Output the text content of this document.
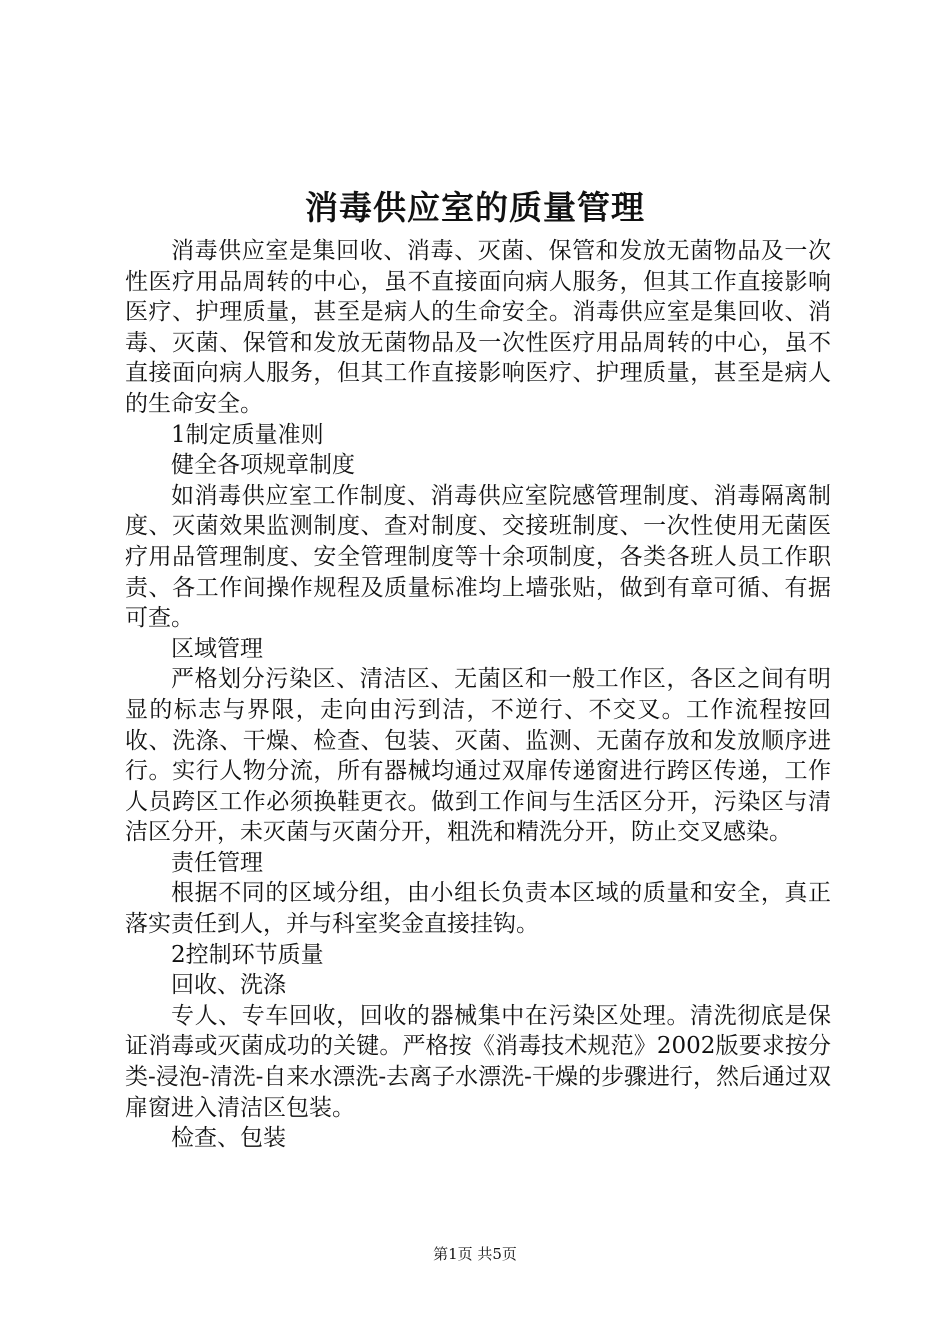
消毒供应室的质量管理

消毒供应室是集回收、消毒、灭菌、保管和发放无菌物品及一次性医疗用品周转的中心，虽不直接面向病人服务，但其工作直接影响医疗、护理质量，甚至是病人的生命安全。消毒供应室是集回收、消毒、灭菌、保管和发放无菌物品及一次性医疗用品周转的中心，虽不直接面向病人服务，但其工作直接影响医疗、护理质量，甚至是病人的生命安全。

1制定质量准则

健全各项规章制度

如消毒供应室工作制度、消毒供应室院感管理制度、消毒隔离制度、灭菌效果监测制度、查对制度、交接班制度、一次性使用无菌医疗用品管理制度、安全管理制度等十余项制度，各类各班人员工作职责、各工作间操作规程及质量标准均上墙张贴，做到有章可循、有据可查。

区域管理

严格划分污染区、清洁区、无菌区和一般工作区，各区之间有明显的标志与界限，走向由污到洁，不逆行、不交叉。工作流程按回收、洗涤、干燥、检查、包装、灭菌、监测、无菌存放和发放顺序进行。实行人物分流，所有器械均通过双扉传递窗进行跨区传递，工作人员跨区工作必须换鞋更衣。做到工作间与生活区分开，污染区与清洁区分开，未灭菌与灭菌分开，粗洗和精洗分开，防止交叉感染。

责任管理

根据不同的区域分组，由小组长负责本区域的质量和安全，真正落实责任到人，并与科室奖金直接挂钩。

2控制环节质量

回收、洗涤

专人、专车回收，回收的器械集中在污染区处理。清洗彻底是保证消毒或灭菌成功的关键。严格按《消毒技术规范》2002版要求按分类-浸泡-清洗-自来水漂洗-去离子水漂洗-干燥的步骤进行，然后通过双扉窗进入清洁区包装。

检查、包装

第1页 共5页
